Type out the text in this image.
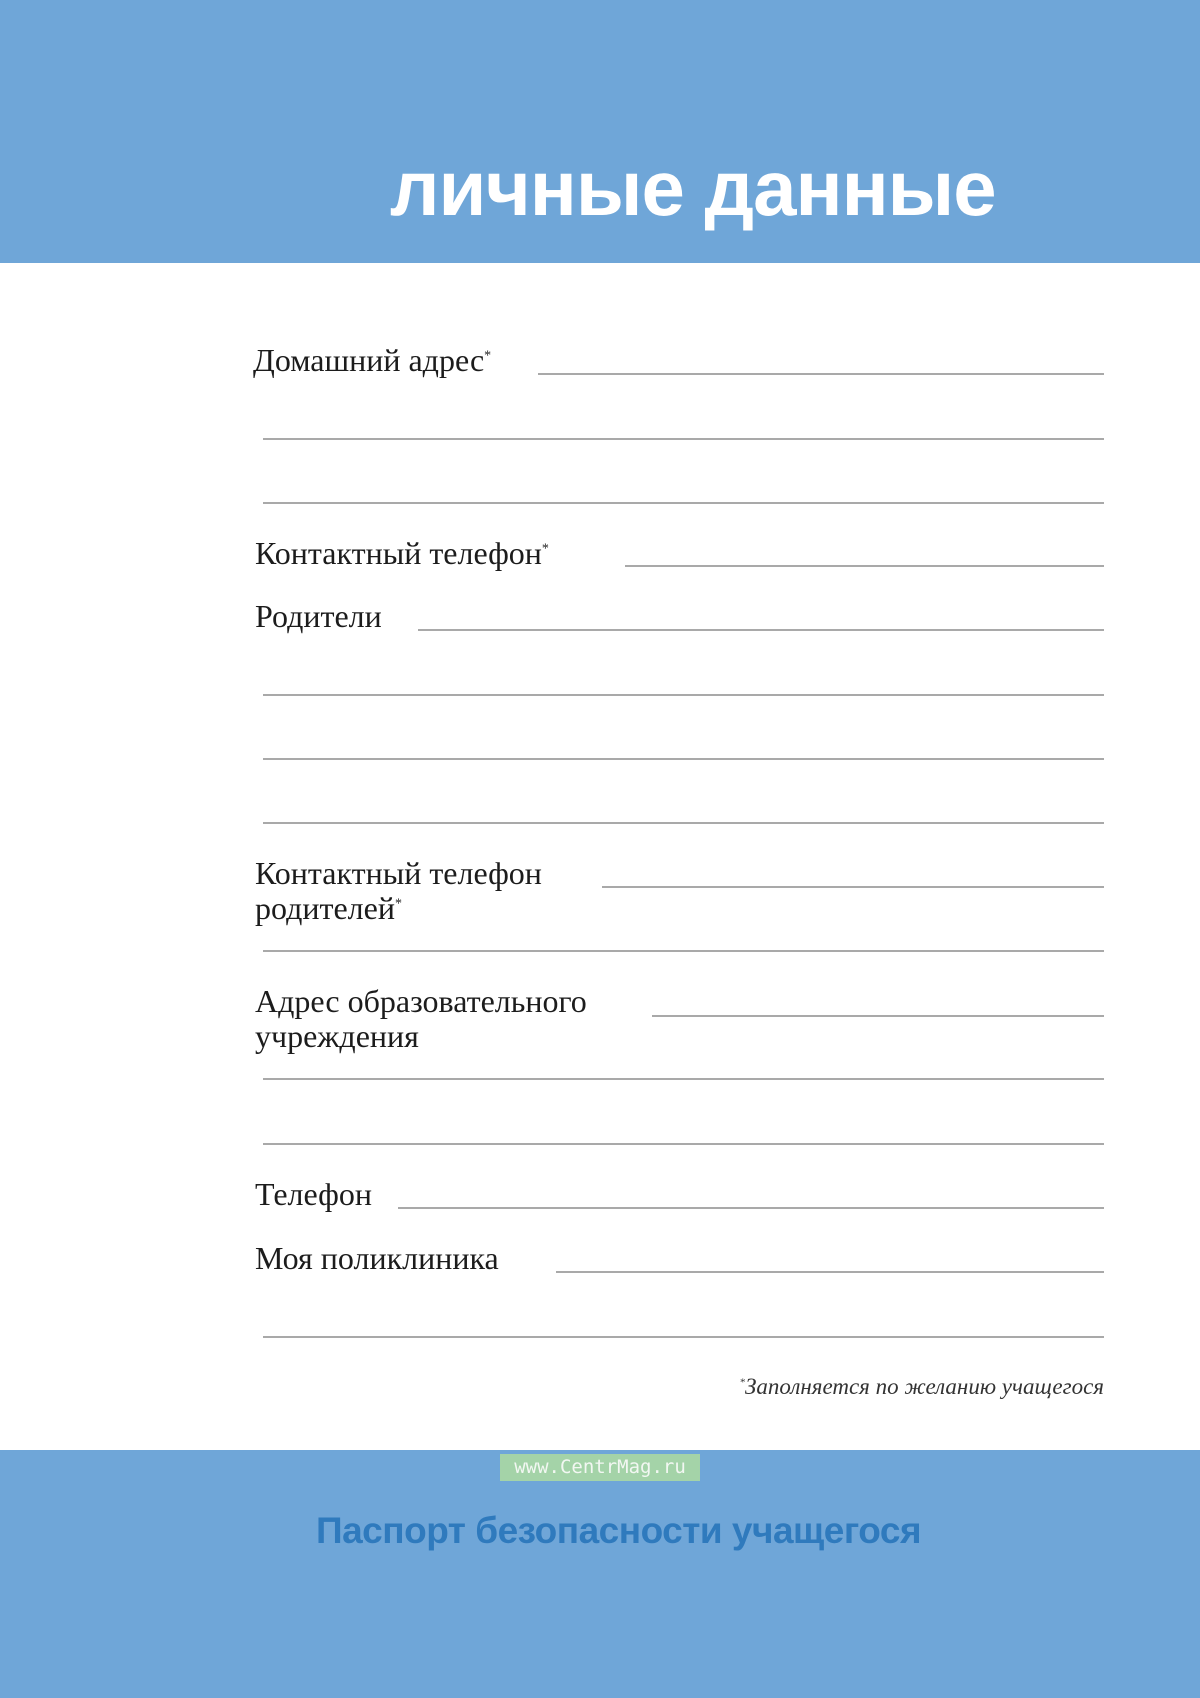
личные данные

Домашний адрес*

Контактный телефон*

Родители

Контактный телефон

родителей*

Адрес образовательного

учреждения

Телефон

Моя поликлиника

*Заполняется по желанию учащегося

www.CentrMag.ru
Паспорт безопасности учащегося
